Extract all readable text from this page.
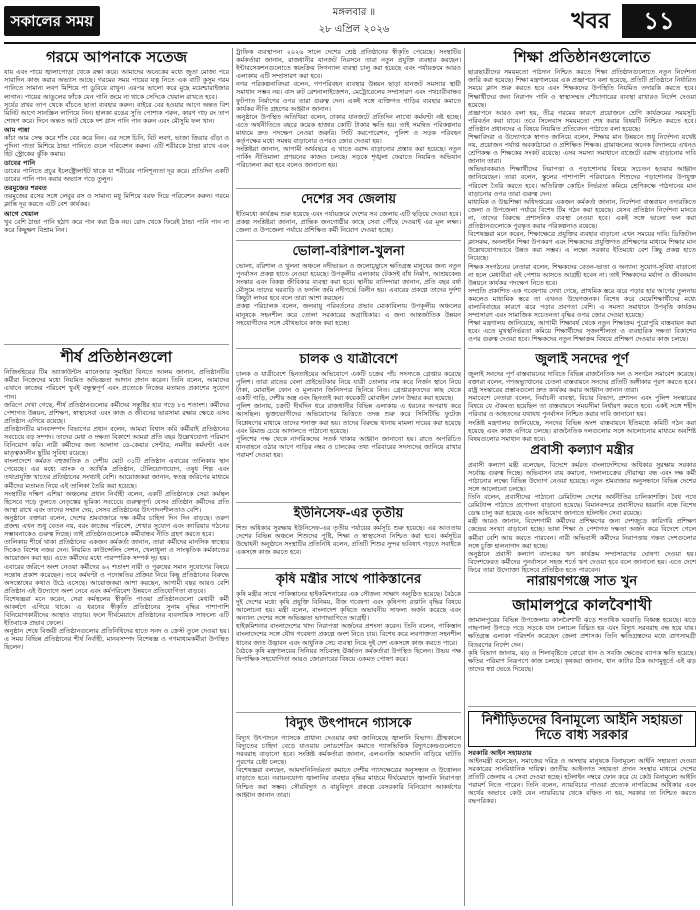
সকালের সময়	মঙ্গলবার ॥
২৮ এপ্রিল ২০২৬	খবর	১১
গরমে আপনাকে সতেজ

যায় এবং পায়ে জ্বালাপোড়া থেকে রক্ষা করে। আমাদের অনেকের মধ্যে জুতা মোজা পরে সারাদিন কাজ করার অভ্যাস আছে। গরমের সময় পায়ের যত্ন নিতে এক বাটি কুসুম গরম পানিতে সামান্য লবণ মিশিয়ে পা ডুবিয়ে রাখুন। এরপর ভালো করে মুছে ময়েশ্চারাইজার লাগান। পায়ের আঙুলের ফাঁকে যেন পানি জমে না থাকে সেদিকে খেয়াল রাখতে হবে।

সূর্যের প্রখর তাপ থেকে বাঁচতে ছাতা ব্যবহার করুন। বাইরে বের হওয়ার আগে অন্তত বিশ মিনিট আগে সানস্ক্রিন লাগিয়ে নিন। হালকা রঙের সুতি পোশাক পরুন, কারণ গাঢ় রং তাপ শোষণ করে। দিনে অন্তত আট থেকে দশ গ্লাস পানি পান করুন এবং মৌসুমি ফল খান।

আম পান্না

কাঁচা আম সেদ্ধ করে শাঁস বের করে নিন। এর সঙ্গে চিনি, বিট লবণ, ভাজা জিরার গুঁড়া ও পুদিনা পাতা মিশিয়ে ঠান্ডা পানিতে গুলে পরিবেশন করুন। এটি শরীরকে ঠান্ডা রাখে এবং হিট স্ট্রোকের ঝুঁকি কমায়।

ডাবের পানি

ডাবের পানিতে প্রচুর ইলেক্ট্রোলাইট থাকে যা শরীরের পানিশূন্যতা দূর করে। প্রতিদিন একটি ডাবের পানি পান করার অভ্যাস গড়ে তুলুন।

তরমুজের শরবত

তরমুজের রসের সঙ্গে লেবুর রস ও সামান্য মধু মিশিয়ে বরফ দিয়ে পরিবেশন করুন। গরমে ক্লান্তি দূর করতে এটি বেশ কার্যকর।

আগে খেয়াল

খুব বেশি ঠান্ডা পানি হঠাৎ করে পান করা ঠিক নয়। রোদ থেকে ফিরেই ঠান্ডা পানি পান না করে কিছুক্ষণ বিশ্রাম নিন।

শীর্ষ প্রতিষ্ঠানগুলো

নিজিংহিয়ের টিম অ্যাকাউন্টস ম্যানেজার সুমাইয়া বিনতে আলম জানান, প্রতিষ্ঠানটির কর্মীরা নিজেদের মধ্যে নিয়মিত অভিজ্ঞতা আদান প্রদান করেন। তিনি বলেন, আমাদের এখানে কাজের পরিবেশ খুবই বন্ধুত্বপূর্ণ এবং প্রত্যেকে নিজের মতামত প্রকাশের সুযোগ পান।

জরিপে দেখা গেছে, শীর্ষ প্রতিষ্ঠানগুলোর কর্মীদের সন্তুষ্টির হার গড়ে ৮৪ শতাংশ। কর্মীদের পেশাগত উন্নয়ন, প্রশিক্ষণ, স্বাস্থ্যসেবা এবং কাজ ও জীবনের ভারসাম্য রক্ষার ক্ষেত্রে এসব প্রতিষ্ঠান এগিয়ে রয়েছে।

প্রতিষ্ঠানটির মানবসম্পদ বিভাগের প্রধান বলেন, আমরা বিশ্বাস করি কর্মীরাই প্রতিষ্ঠানের সবচেয়ে বড় সম্পদ। তাদের মেধা ও দক্ষতা বিকাশে আমরা প্রতি বছর উল্লেখযোগ্য পরিমাণ বিনিয়োগ করি। নারী কর্মীদের জন্য আলাদা ডে-কেয়ার সেন্টার, নমনীয় কর্মঘণ্টা এবং মাতৃত্বকালীন ছুটির সুবিধা রয়েছে।

বাংলাদেশে কর্মরত বহুজাতিক ও দেশীয় মোট ৩১টি প্রতিষ্ঠান এবারের তালিকায় স্থান পেয়েছে। এর মধ্যে ব্যাংক ও আর্থিক প্রতিষ্ঠান, টেলিযোগাযোগ, ওষুধ শিল্প এবং তথ্যপ্রযুক্তি খাতের প্রতিষ্ঠানের সংখ্যাই বেশি। আয়োজকরা জানান, স্বতন্ত্র জরিপের মাধ্যমে কর্মীদের মতামত নিয়ে এই তালিকা তৈরি করা হয়েছে।

সংস্থাটির দক্ষিণ এশিয়া অঞ্চলের প্রধান নির্বাহী বলেন, একটি প্রতিষ্ঠানকে সেরা কর্মস্থল হিসেবে গড়ে তুলতে নেতৃত্বের ভূমিকা সবচেয়ে গুরুত্বপূর্ণ। যেসব প্রতিষ্ঠান কর্মীদের প্রতি আস্থা রাখে এবং তাদের সম্মান দেয়, সেসব প্রতিষ্ঠানের উৎপাদনশীলতাও বেশি।

অনুষ্ঠানে বক্তারা বলেন, দেশের শ্রমবাজারে দক্ষ কর্মীর চাহিদা দিন দিন বাড়ছে। তরুণ প্রজন্ম এখন শুধু বেতন নয়, বরং কাজের পরিবেশ, শেখার সুযোগ এবং ক্যারিয়ার গঠনের সম্ভাবনাকেও গুরুত্ব দিচ্ছে। তাই প্রতিষ্ঠানগুলোকে কর্মীবান্ধব নীতি গ্রহণ করতে হবে।

তালিকায় শীর্ষে থাকা প্রতিষ্ঠানের একজন কর্মকর্তা জানান, তারা কর্মীদের মানসিক স্বাস্থ্যের দিকেও বিশেষ নজর দেন। নিয়মিত কাউন্সেলিং সেশন, খেলাধুলা ও সাংস্কৃতিক কর্মকাণ্ডের আয়োজন করা হয়। এতে কর্মীদের মধ্যে পারস্পরিক সম্পর্ক দৃঢ় হয়।

এবারের জরিপে অংশ নেওয়া কর্মীদের ৬২ শতাংশ নারী ও পুরুষের সমান সুযোগের বিষয়ে সন্তোষ প্রকাশ করেছেন। তবে কর্মঘণ্টা ও পদোন্নতির প্রক্রিয়া নিয়ে কিছু প্রতিষ্ঠানের বিরুদ্ধে অসন্তোষের কথাও উঠে এসেছে। আয়োজকরা আশা করছেন, আগামী বছর আরও বেশি প্রতিষ্ঠান এই উদ্যোগে অংশ নেবে এবং কর্মপরিবেশ উন্নয়নে প্রতিযোগিতা বাড়বে।

বিশেষজ্ঞরা মনে করেন, সেরা কর্মস্থলের স্বীকৃতি পাওয়া প্রতিষ্ঠানগুলো মেধাবী কর্মী আকর্ষণে এগিয়ে থাকে। এ ধরনের স্বীকৃতি প্রতিষ্ঠানের সুনাম বৃদ্ধির পাশাপাশি বিনিয়োগকারীদের আস্থাও বাড়ায়। ফলে দীর্ঘমেয়াদে প্রতিষ্ঠানের ব্যবসায়িক সাফল্যে এটি ইতিবাচক প্রভাব ফেলে।

অনুষ্ঠান শেষে বিজয়ী প্রতিষ্ঠানগুলোর প্রতিনিধিদের হাতে সনদ ও ক্রেস্ট তুলে দেওয়া হয়। এ সময় বিভিন্ন প্রতিষ্ঠানের শীর্ষ নির্বাহী, মানবসম্পদ বিশেষজ্ঞ ও গণমাধ্যমকর্মীরা উপস্থিত ছিলেন।

ট্রাফিক ব্যবস্থাপনা ২০২৬ সালে দেশের শ্রেষ্ঠ প্রতিষ্ঠানের স্বীকৃতি পেয়েছে। সংস্থাটির কর্মকর্তারা জানান, রাজধানীর যানজট নিরসনে তারা নতুন প্রযুক্তি ব্যবহার করছেন। ইন্টারসেকশনগুলোতে স্বয়ংক্রিয় সিগন্যাল ব্যবস্থা চালু করা হয়েছে এবং পর্যায়ক্রমে আরও এলাকায় এটি সম্প্রসারণ করা হবে।

নগর পরিকল্পনাবিদরা বলেন, গণপরিবহন ব্যবস্থার উন্নয়ন ছাড়া যানজট সমস্যার স্থায়ী সমাধান সম্ভব নয়। বাস রুট রেশনালাইজেশন, মেট্রোরেলের সম্প্রসারণ এবং পথচারীবান্ধব ফুটপাত নির্মাণের ওপর তারা গুরুত্ব দেন। একই সঙ্গে ব্যক্তিগত গাড়ির ব্যবহার কমাতে কার্যকর নীতি গ্রহণের আহ্বান জানান।

অনুষ্ঠানে উপস্থিত অতিথিরা বলেন, ঢাকার যানজটে প্রতিদিন লাখো কর্মঘণ্টা নষ্ট হচ্ছে। এতে অর্থনীতিতে বছরে কয়েক হাজার কোটি টাকার ক্ষতি হয়। তাই সমন্বিত পরিকল্পনার মাধ্যমে দ্রুত পদক্ষেপ নেওয়া জরুরি। সিটি করপোরেশন, পুলিশ ও সড়ক পরিবহন কর্তৃপক্ষের মধ্যে সমন্বয় বাড়ানোর ওপরও জোর দেওয়া হয়।

সংশ্লিষ্টরা জানান, আগামী অর্থবছরে এ খাতে বরাদ্দ বাড়ানোর প্রস্তাব করা হয়েছে। নতুন পার্কিং নীতিমালা প্রণয়নের কাজও চলছে। সড়কে শৃঙ্খলা ফেরাতে নিয়মিত অভিযান পরিচালনা করা হবে বলেও জানানো হয়।

দেশের সব জেলায়

ইতিমধ্যে কার্যক্রম শুরু হয়েছে এবং পর্যায়ক্রমে দেশের সব জেলায় এটি ছড়িয়ে দেওয়া হবে। প্রকল্প সংশ্লিষ্টরা জানান, প্রান্তিক জনগোষ্ঠীর কাছে সেবা পৌঁছে দেওয়াই এর মূল লক্ষ্য। জেলা ও উপজেলা পর্যায়ে প্রশিক্ষিত কর্মী নিয়োগ দেওয়া হচ্ছে।

ভোলা-বরিশাল-খুলনা

ভোলা, বরিশাল ও খুলনা অঞ্চলে নদীভাঙন ও জলোচ্ছ্বাসে ক্ষতিগ্রস্ত মানুষের জন্য নতুন পুনর্বাসন প্রকল্প হাতে নেওয়া হয়েছে। উপকূলীয় এলাকায় টেকসই বাঁধ নির্মাণ, আশ্রয়কেন্দ্র সংস্কার এবং বিকল্প জীবিকার ব্যবস্থা করা হবে। স্থানীয় বাসিন্দারা জানান, প্রতি বছর বর্ষা মৌসুমে তাদের ঘরবাড়ি ও ফসলি জমি নদীগর্ভে বিলীন হয়। এবারের প্রকল্পে তাদের দুর্দশা কিছুটা লাঘব হবে বলে তারা আশা করছেন।

প্রকল্প পরিচালক বলেন, জলবায়ু পরিবর্তনের প্রভাব মোকাবিলায় উপকূলীয় অঞ্চলের মানুষকে সহনশীল করে তোলা সরকারের অগ্রাধিকার। এ জন্য আন্তর্জাতিক উন্নয়ন সহযোগীদের সঙ্গে যৌথভাবে কাজ করা হচ্ছে।

চালক ও যাত্রীবেশে

চালক ও যাত্রীবেশে ছিনতাইয়ের অভিযোগে একটি চক্রের পাঁচ সদস্যকে গ্রেপ্তার করেছে পুলিশ। তারা রাতের বেলা প্রাইভেটকার নিয়ে যাত্রী তোলার নাম করে নির্জন স্থানে নিয়ে টাকা, মোবাইল ফোন ও মূল্যবান জিনিসপত্র ছিনিয়ে নিত। গ্রেপ্তারকৃতদের কাছ থেকে একটি গাড়ি, দেশীয় অস্ত্র এবং ছিনতাই করা কয়েকটি মোবাইল ফোন উদ্ধার করা হয়েছে।

পুলিশ জানায়, চক্রটি দীর্ঘদিন ধরে রাজধানীর বিভিন্ন এলাকায় এ ধরনের অপরাধ করে আসছিল। ভুক্তভোগীদের অভিযোগের ভিত্তিতে তদন্ত শুরু করে সিসিটিভি ফুটেজ বিশ্লেষণের মাধ্যমে তাদের শনাক্ত করা হয়। তাদের বিরুদ্ধে থানায় মামলা দায়ের করা হয়েছে এবং রিমান্ড চেয়ে আদালতে পাঠানো হয়েছে।

পুলিশের পক্ষ থেকে নাগরিকদের সতর্ক থাকার আহ্বান জানানো হয়। রাতে অপরিচিত যানবাহনে ওঠার আগে গাড়ির নম্বর ও চালকের তথ্য পরিবারের সদস্যদের জানিয়ে রাখার পরামর্শ দেওয়া হয়।

ইউনিসেফ-এর তৃতীয়

শিশু অধিকার সুরক্ষায় ইউনিসেফ-এর তৃতীয় পর্যায়ের কর্মসূচি শুরু হয়েছে। এর আওতায় দেশের বিভিন্ন অঞ্চলে শিশুদের পুষ্টি, শিক্ষা ও স্বাস্থ্যসেবা নিশ্চিত করা হবে। কর্মসূচির উদ্বোধনী অনুষ্ঠানে সংস্থাটির প্রতিনিধি বলেন, প্রতিটি শিশুর সুন্দর ভবিষ্যৎ গড়তে সবাইকে একসঙ্গে কাজ করতে হবে।

কৃষি মন্ত্রীর সাথে পাকিস্তানের

কৃষি মন্ত্রীর সাথে পাকিস্তানের হাইকমিশনারের এক সৌজন্য সাক্ষাৎ অনুষ্ঠিত হয়েছে। বৈঠকে দুই দেশের মধ্যে কৃষি প্রযুক্তি বিনিময়, বীজ গবেষণা এবং কৃষিপণ্য রপ্তানি বৃদ্ধির বিষয়ে আলোচনা হয়। মন্ত্রী বলেন, বাংলাদেশ কৃষিতে অভাবনীয় সাফল্য অর্জন করেছে এবং অন্যান্য দেশের সঙ্গে অভিজ্ঞতা ভাগাভাগিতে আগ্রহী।

হাইকমিশনার বাংলাদেশের খাদ্য নিরাপত্তা অর্জনের প্রশংসা করেন। তিনি বলেন, পাকিস্তান বাংলাদেশের সঙ্গে যৌথ গবেষণা প্রকল্পে অংশ নিতে চায়। বিশেষ করে লবণাক্ততা সহনশীল ধানের জাত উদ্ভাবন এবং আধুনিক সেচ ব্যবস্থা নিয়ে দুই দেশ একসঙ্গে কাজ করতে পারে।

বৈঠকে কৃষি মন্ত্রণালয়ের সিনিয়র সচিবসহ ঊর্ধ্বতন কর্মকর্তারা উপস্থিত ছিলেন। উভয় পক্ষ দ্বিপাক্ষিক সহযোগিতা আরও জোরদারের বিষয়ে একমত পোষণ করে।

বিদ্যুৎ উৎপাদনে গ্যাসকে

বিদ্যুৎ উৎপাদনে গ্যাসকে প্রাধান্য দেওয়ার কথা জানিয়েছে জ্বালানি বিভাগ। গ্রীষ্মকালে বিদ্যুতের চাহিদা বেড়ে যাওয়ায় লোডশেডিং কমাতে গ্যাসভিত্তিক বিদ্যুৎকেন্দ্রগুলোতে সরবরাহ বাড়ানো হবে। সংশ্লিষ্ট কর্মকর্তারা জানান, এলএনজি আমদানি বাড়িয়ে ঘাটতি পূরণের চেষ্টা চলছে।

বিশেষজ্ঞরা বলছেন, আমদানিনির্ভরতা কমাতে দেশীয় গ্যাসক্ষেত্রের অনুসন্ধান ও উত্তোলন বাড়াতে হবে। নবায়নযোগ্য জ্বালানির ব্যবহার বৃদ্ধির মাধ্যমে দীর্ঘমেয়াদে জ্বালানি নিরাপত্তা নিশ্চিত করা সম্ভব। সৌরবিদ্যুৎ ও বায়ুবিদ্যুৎ প্রকল্পে বেসরকারি বিনিয়োগ আকর্ষণের আহ্বান জানান তারা।

শিক্ষা প্রতিষ্ঠানগুলোতে

ছাত্রছাত্রীদের সময়মতো পাঠদান নিশ্চিত করতে শিক্ষা প্রতিষ্ঠানগুলোতে নতুন নির্দেশনা জারি করা হয়েছে। শিক্ষা মন্ত্রণালয়ের এক প্রজ্ঞাপনে বলা হয়েছে, প্রতিটি প্রতিষ্ঠানে নির্ধারিত সময়ে ক্লাস শুরু করতে হবে এবং শিক্ষকদের উপস্থিতি নিয়মিত তদারকি করতে হবে। শিক্ষার্থীদের জন্য নিরাপদ পানি ও স্বাস্থ্যসম্মত শৌচাগারের ব্যবস্থা রাখারও নির্দেশ দেওয়া হয়েছে।

প্রজ্ঞাপনে আরও বলা হয়, তীব্র গরমের কারণে প্রয়োজনে শ্রেণি কার্যক্রমের সময়সূচি পরিবর্তন করা যাবে। তবে সিলেবাস সময়মতো শেষ করার বিষয়টি নিশ্চিত করতে হবে। প্রতিষ্ঠান প্রধানদের এ বিষয়ে নিয়মিত প্রতিবেদন পাঠাতে বলা হয়েছে।

শিক্ষাবিদরা এ উদ্যোগকে স্বাগত জানিয়ে বলেন, শিক্ষার মান উন্নয়নে শুধু নির্দেশনা যথেষ্ট নয়, প্রয়োজন পর্যাপ্ত অবকাঠামো ও প্রশিক্ষিত শিক্ষক। গ্রামাঞ্চলের অনেক বিদ্যালয়ে এখনও শ্রেণিকক্ষ ও শিক্ষকের সংকট রয়েছে। এসব সমস্যা সমাধানে বাজেটে বরাদ্দ বাড়ানোর দাবি জানান তারা।

অভিভাবকরাও শিক্ষার্থীদের নিরাপত্তা ও পড়াশোনার বিষয়ে সচেতন হওয়ার আহ্বান জানিয়েছেন। তারা বলেন, স্কুলের পাশাপাশি পরিবারেও শিশুদের পড়াশোনার উপযুক্ত পরিবেশ তৈরি করতে হবে। অতিরিক্ত কোচিং নির্ভরতা কমিয়ে শ্রেণিকক্ষে পাঠদানের মান বাড়ানোর ওপর তারা গুরুত্ব দেন।

মাধ্যমিক ও উচ্চশিক্ষা অধিদপ্তরের একজন কর্মকর্তা জানান, নির্দেশনা বাস্তবায়ন তদারকিতে জেলা ও উপজেলা পর্যায়ে বিশেষ টিম গঠন করা হয়েছে। যেসব প্রতিষ্ঠান নির্দেশনা মানবে না, তাদের বিরুদ্ধে প্রশাসনিক ব্যবস্থা নেওয়া হবে। একই সঙ্গে ভালো ফল করা প্রতিষ্ঠানগুলোকে পুরস্কৃত করার পরিকল্পনাও রয়েছে।

বিশেষজ্ঞরা মনে করেন, শিক্ষাক্ষেত্রে প্রযুক্তির ব্যবহার বাড়ানো এখন সময়ের দাবি। ডিজিটাল ক্লাসরুম, অনলাইন শিক্ষা উপকরণ এবং শিক্ষকদের প্রযুক্তিগত প্রশিক্ষণের মাধ্যমে শিক্ষার মান উল্লেখযোগ্যভাবে উন্নত করা সম্ভব। এ লক্ষ্যে সরকার ইতিমধ্যে বেশ কিছু প্রকল্প হাতে নিয়েছে।

শিক্ষক সংগঠনের নেতারা বলেন, শিক্ষকদের বেতন-ভাতা ও অন্যান্য সুযোগ-সুবিধা বাড়ানো না হলে মেধাবীরা এই পেশায় আসতে আগ্রহী হবেন না। তাই শিক্ষকদের মর্যাদা ও জীবনমান উন্নয়নে কার্যকর পদক্ষেপ নিতে হবে।

সম্প্রতি প্রকাশিত এক গবেষণায় দেখা গেছে, প্রাথমিক স্তরে ঝরে পড়ার হার আগের তুলনায় কমলেও মাধ্যমিক স্তরে তা এখনও উদ্বেগজনক। বিশেষ করে মেয়েশিক্ষার্থীদের মধ্যে বাল্যবিবাহের কারণে ঝরে পড়ার প্রবণতা বেশি। এ সমস্যা সমাধানে উপবৃত্তি কার্যক্রম সম্প্রসারণ এবং সামাজিক সচেতনতা বৃদ্ধির ওপর জোর দেওয়া হয়েছে।

শিক্ষা মন্ত্রণালয় জানিয়েছে, আগামী শিক্ষাবর্ষ থেকে নতুন শিক্ষাক্রম পুরোপুরি বাস্তবায়ন করা হবে। এতে মুখস্থনির্ভরতা কমিয়ে শিক্ষার্থীদের সৃজনশীলতা ও ব্যবহারিক দক্ষতা বিকাশের ওপর গুরুত্ব দেওয়া হবে। শিক্ষকদের নতুন শিক্ষাক্রম বিষয়ে প্রশিক্ষণ দেওয়ার কাজ চলছে।

জুলাই সনদের পূর্ণ

জুলাই সনদের পূর্ণ বাস্তবায়নের দাবিতে বিভিন্ন রাজনৈতিক দল ও সংগঠন সমাবেশ করেছে। বক্তারা বলেন, গণঅভ্যুত্থানের চেতনা বাস্তবায়নে সনদের প্রতিটি অঙ্গীকার পূরণ করতে হবে। রাষ্ট্র সংস্কারের প্রস্তাবগুলো দ্রুত কার্যকর করার আহ্বান জানান তারা।

সমাবেশে নেতারা বলেন, নির্বাচনী ব্যবস্থা, বিচার বিভাগ, প্রশাসন এবং পুলিশ সংস্কারের বিষয়ে যে ঐকমত্য হয়েছিল তা বাস্তবায়নে সময়সীমা নির্ধারণ করতে হবে। একই সঙ্গে শহীদ পরিবার ও আহতদের যথাযথ পুনর্বাসন নিশ্চিত করার দাবি জানানো হয়।

সংশ্লিষ্ট মন্ত্রণালয় জানিয়েছে, সনদের বিভিন্ন অংশ বাস্তবায়নে ইতিমধ্যে কমিটি গঠন করা হয়েছে এবং কাজ এগিয়ে চলছে। রাজনৈতিক দলগুলোর সঙ্গে আলোচনার মাধ্যমে অবশিষ্ট বিষয়গুলোর সমাধান করা হবে।

প্রবাসী কল্যাণ মন্ত্রীর

প্রবাসী কল্যাণ মন্ত্রী বলেছেন, বিদেশে কর্মরত বাংলাদেশিদের অধিকার সুরক্ষায় সরকার সর্বোচ্চ গুরুত্ব দিচ্ছে। অভিবাসন ব্যয় কমানো, দালালচক্রের দৌরাত্ম্য বন্ধ এবং দক্ষ কর্মী পাঠানোর লক্ষ্যে বিভিন্ন উদ্যোগ নেওয়া হয়েছে। নতুন শ্রমবাজার অনুসন্ধানে বিভিন্ন দেশের সঙ্গে আলোচনা চলছে।

তিনি বলেন, প্রবাসীদের পাঠানো রেমিট্যান্স দেশের অর্থনীতির চালিকাশক্তি। বৈধ পথে রেমিট্যান্স পাঠাতে প্রণোদনা বাড়ানো হয়েছে। বিমানবন্দরে প্রবাসীদের হয়রানি বন্ধে বিশেষ ডেস্ক চালু করা হয়েছে এবং অভিযোগ জানাতে হটলাইন সেবা রয়েছে।

মন্ত্রী আরও জানান, বিদেশগামী কর্মীদের প্রশিক্ষণের জন্য দেশজুড়ে কারিগরি প্রশিক্ষণ কেন্দ্রের সংখ্যা বাড়ানো হচ্ছে। ভাষা শিক্ষা ও পেশাগত দক্ষতা অর্জন করে বিদেশে গেলে কর্মীরা বেশি আয় করতে পারবেন। নারী অভিবাসী কর্মীদের নিরাপত্তায় গন্তব্য দেশগুলোর সঙ্গে চুক্তি হালনাগাদ করা হচ্ছে।

অনুষ্ঠানে প্রবাসী কল্যাণ ব্যাংকের ঋণ কার্যক্রম সম্প্রসারণের ঘোষণা দেওয়া হয়। বিদেশফেরত কর্মীদের পুনর্বাসনে সহজ শর্তে ঋণ দেওয়া হবে বলে জানানো হয়। এতে দেশে ফিরে তারা উদ্যোক্তা হিসেবে প্রতিষ্ঠিত হতে পারবেন।

নারায়ণগঞ্জে সাত খুন

জামালপুরে কালবৈশাখী

জামালপুরের বিভিন্ন উপজেলায় কালবৈশাখী ঝড়ে শতাধিক ঘরবাড়ি বিধ্বস্ত হয়েছে। ঝড়ে গাছপালা উপড়ে পড়ে সড়কে যান চলাচল বিঘ্নিত হয় এবং বিদ্যুৎ সরবরাহ বন্ধ হয়ে যায়। ক্ষতিগ্রস্ত এলাকা পরিদর্শন করেছেন জেলা প্রশাসক। তিনি ক্ষতিগ্রস্তদের মধ্যে ত্রাণসামগ্রী বিতরণের নির্দেশ দেন।

কৃষি বিভাগ জানায়, ঝড় ও শিলাবৃষ্টিতে বোরো ধান ও সবজি ক্ষেতের ব্যাপক ক্ষতি হয়েছে। ক্ষতির পরিমাণ নিরূপণে কাজ চলছে। কৃষকরা জানান, ধান কাটার ঠিক আগমুহূর্তে এই ঝড় তাদের স্বপ্ন ভেঙে দিয়েছে।

নিশীড়িতদের বিনামূল্যে আইনি সহায়তা দিতে বাধ্য সরকার

সরকারি আইন সহায়তার

আইনমন্ত্রী বলেছেন, সমাজের দরিদ্র ও অসহায় মানুষকে বিনামূল্যে আইনি সহায়তা দেওয়া সরকারের সাংবিধানিক দায়িত্ব। জাতীয় আইনগত সহায়তা প্রদান সংস্থার মাধ্যমে দেশের প্রতিটি জেলায় এ সেবা দেওয়া হচ্ছে। হটলাইন নম্বরে ফোন করে যে কেউ বিনামূল্যে আইনি পরামর্শ নিতে পারেন। তিনি বলেন, ন্যায়বিচার পাওয়া প্রত্যেক নাগরিকের অধিকার এবং অর্থের অভাবে কেউ যেন ন্যায়বিচার থেকে বঞ্চিত না হয়, সরকার তা নিশ্চিত করতে বদ্ধপরিকর।
